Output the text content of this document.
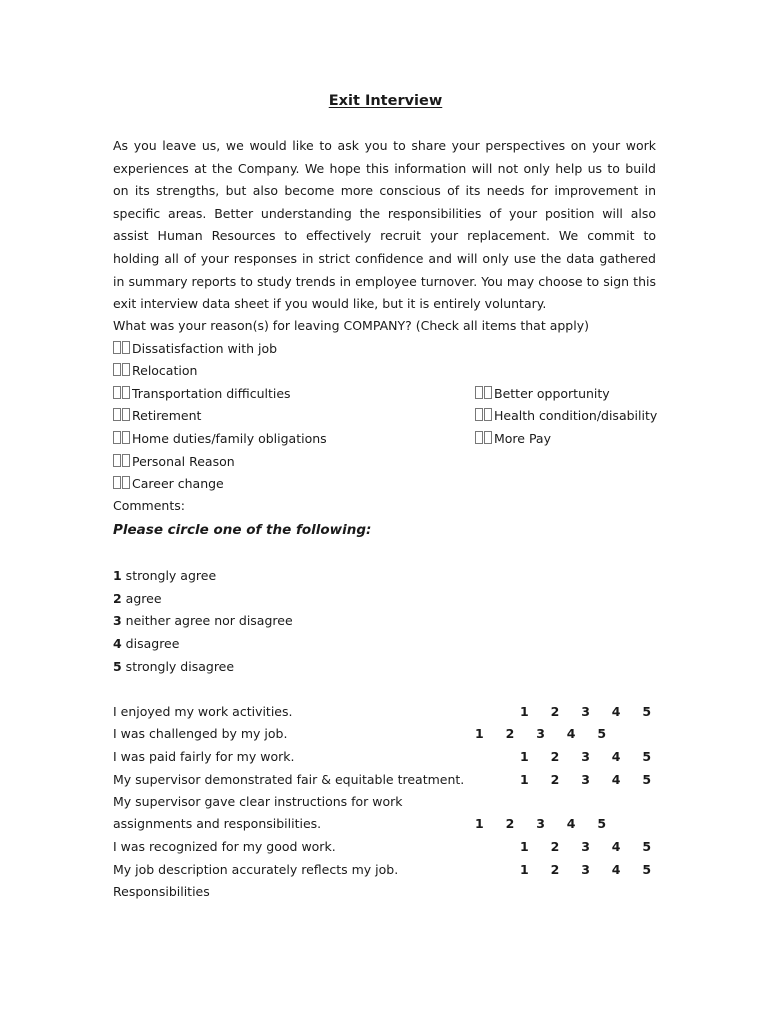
Exit Interview

As you leave us, we would like to ask you to share your perspectives on your work experiences at the Company. We hope this information will not only help us to build on its strengths, but also become more conscious of its needs for improvement in specific areas. Better understanding the responsibilities of your position will also assist Human Resources to effectively recruit your replacement. We commit to holding all of your responses in strict confidence and will only use the data gathered in summary reports to study trends in employee turnover. You may choose to sign this exit interview data sheet if you would like, but it is entirely voluntary.

What was your reason(s) for leaving COMPANY? (Check all items that apply)
Dissatisfaction with job
Relocation
Transportation difficulties
Retirement
Home duties/family obligations
Personal Reason
Career change
Better opportunity
Health condition/disability
More Pay
Comments:
Please circle one of the following:
1 strongly agree
2 agree
3 neither agree nor disagree
4 disagree
5 strongly disagree
I enjoyed my work activities.
I was challenged by my job.
I was paid fairly for my work.
My supervisor demonstrated fair & equitable treatment.
My supervisor gave clear instructions for work
assignments and responsibilities.
I was recognized for my good work.
My job description accurately reflects my job.
Responsibilities
1 2 3 4 5
1 2 3 4 5
1 2 3 4 5
1 2 3 4 5
1 2 3 4 5
1 2 3 4 5
1 2 3 4 5
